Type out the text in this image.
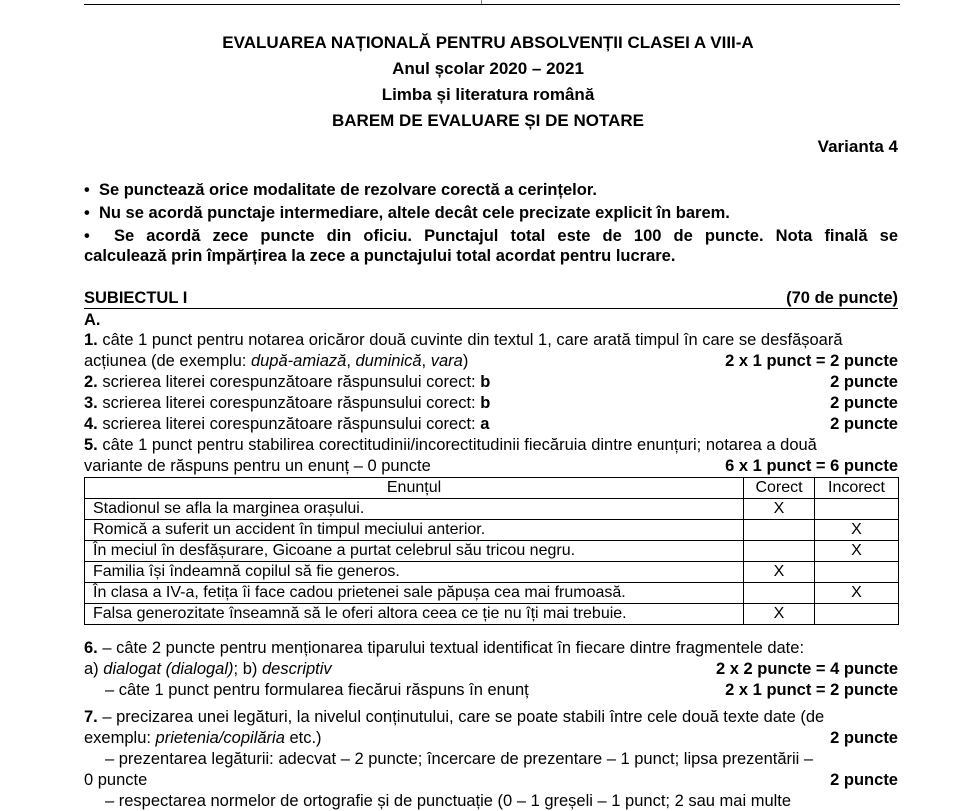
EVALUAREA NAȚIONALĂ PENTRU ABSOLVENȚII CLASEI A VIII-A
Anul școlar 2020 – 2021
Limba și literatura română
BAREM DE EVALUARE ȘI DE NOTARE
Varianta 4
• Se punctează orice modalitate de rezolvare corectă a cerințelor.
• Nu se acordă punctaje intermediare, altele decât cele precizate explicit în barem.
• Se acordă zece puncte din oficiu. Punctajul total este de 100 de puncte. Nota finală se
calculează prin împărțirea la zece a punctajului total acordat pentru lucrare.
SUBIECTUL I	(70 de puncte)
A.
1. câte 1 punct pentru notarea oricăror două cuvinte din textul 1, care arată timpul în care se desfășoară
acțiunea (de exemplu: după-amiază, duminică, vara)	2 x 1 punct = 2 puncte
2. scrierea literei corespunzătoare răspunsului corect: b	2 puncte
3. scrierea literei corespunzătoare răspunsului corect: b	2 puncte
4. scrierea literei corespunzătoare răspunsului corect: a	2 puncte
5. câte 1 punct pentru stabilirea corectitudinii/incorectitudinii fiecăruia dintre enunțuri; notarea a două
variante de răspuns pentru un enunț – 0 puncte	6 x 1 punct = 6 puncte
Enunțul	Corect	Incorect
Stadionul se afla la marginea orașului.	X	
Romică a suferit un accident în timpul meciului anterior.		X
În meciul în desfășurare, Gicoane a purtat celebrul său tricou negru.		X
Familia își îndeamnă copilul să fie generos.	X	
În clasa a IV-a, fetița îi face cadou prietenei sale păpușa cea mai frumoasă.		X
Falsa generozitate înseamnă să le oferi altora ceea ce ție nu îți mai trebuie.	X	
6. – câte 2 puncte pentru menționarea tiparului textual identificat în fiecare dintre fragmentele date:
a) dialogat (dialogal); b) descriptiv	2 x 2 puncte = 4 puncte
– câte 1 punct pentru formularea fiecărui răspuns în enunț	2 x 1 punct = 2 puncte
7. – precizarea unei legături, la nivelul conținutului, care se poate stabili între cele două texte date (de
exemplu: prietenia/copilăria etc.)	2 puncte
– prezentarea legăturii: adecvat – 2 puncte; încercare de prezentare – 1 punct; lipsa prezentării –
0 puncte	2 puncte
– respectarea normelor de ortografie și de punctuație (0 – 1 greșeli – 1 punct; 2 sau mai multe
